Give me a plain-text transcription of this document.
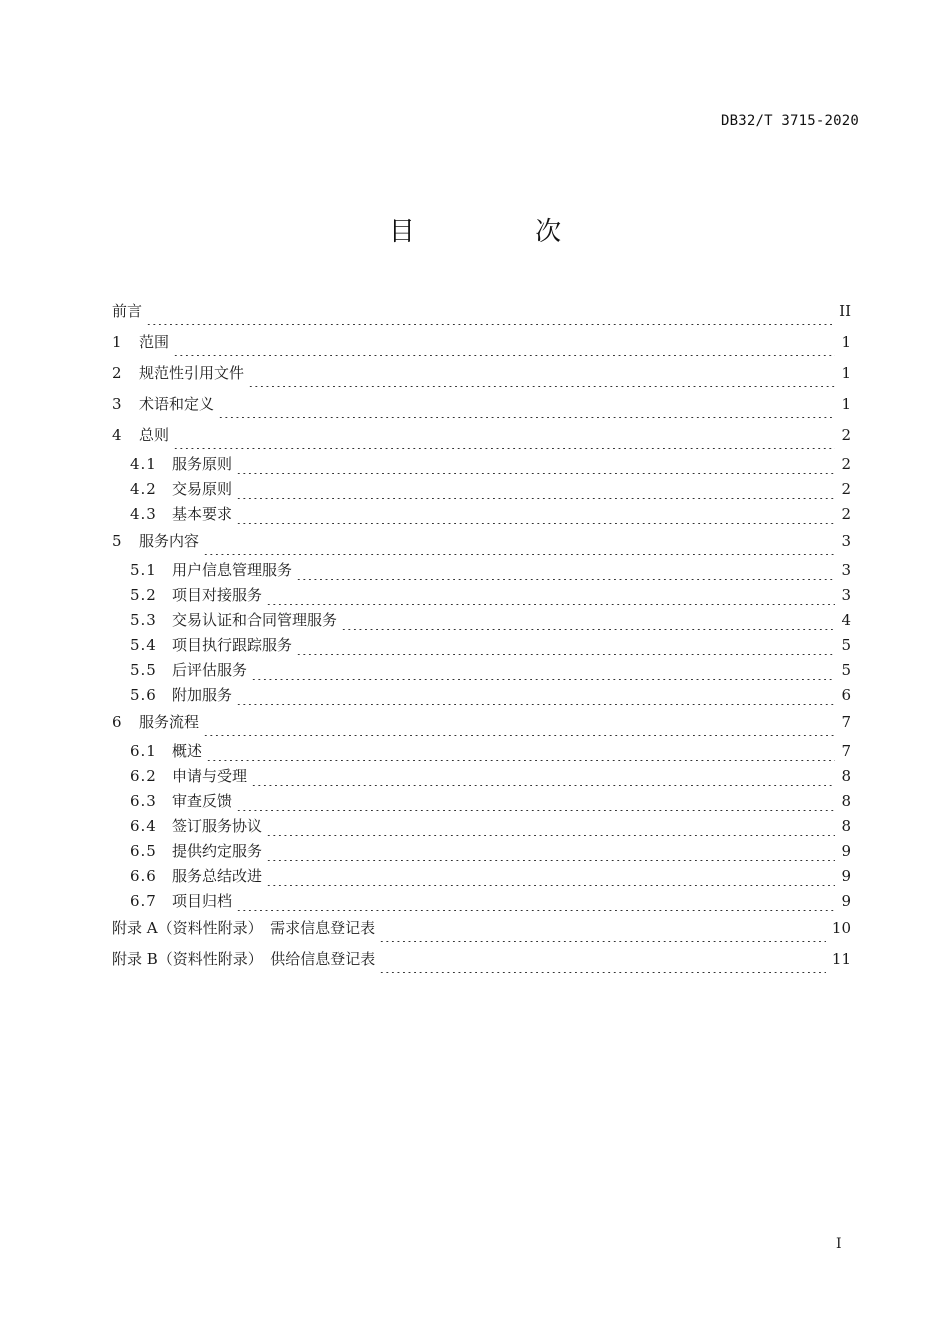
DB32/T 3715-2020
目 次
前言	II
1	范围	1
2	规范性引用文件	1
3	术语和定义	1
4	总则	2
4.1	服务原则	2
4.2	交易原则	2
4.3	基本要求	2
5	服务内容	3
5.1	用户信息管理服务	3
5.2	项目对接服务	3
5.3	交易认证和合同管理服务	4
5.4	项目执行跟踪服务	5
5.5	后评估服务	5
5.6	附加服务	6
6	服务流程	7
6.1	概述	7
6.2	申请与受理	8
6.3	审查反馈	8
6.4	签订服务协议	8
6.5	提供约定服务	9
6.6	服务总结改进	9
6.7	项目归档	9
附录 A（资料性附录）　需求信息登记表	10
附录 B（资料性附录）　供给信息登记表	11
I
